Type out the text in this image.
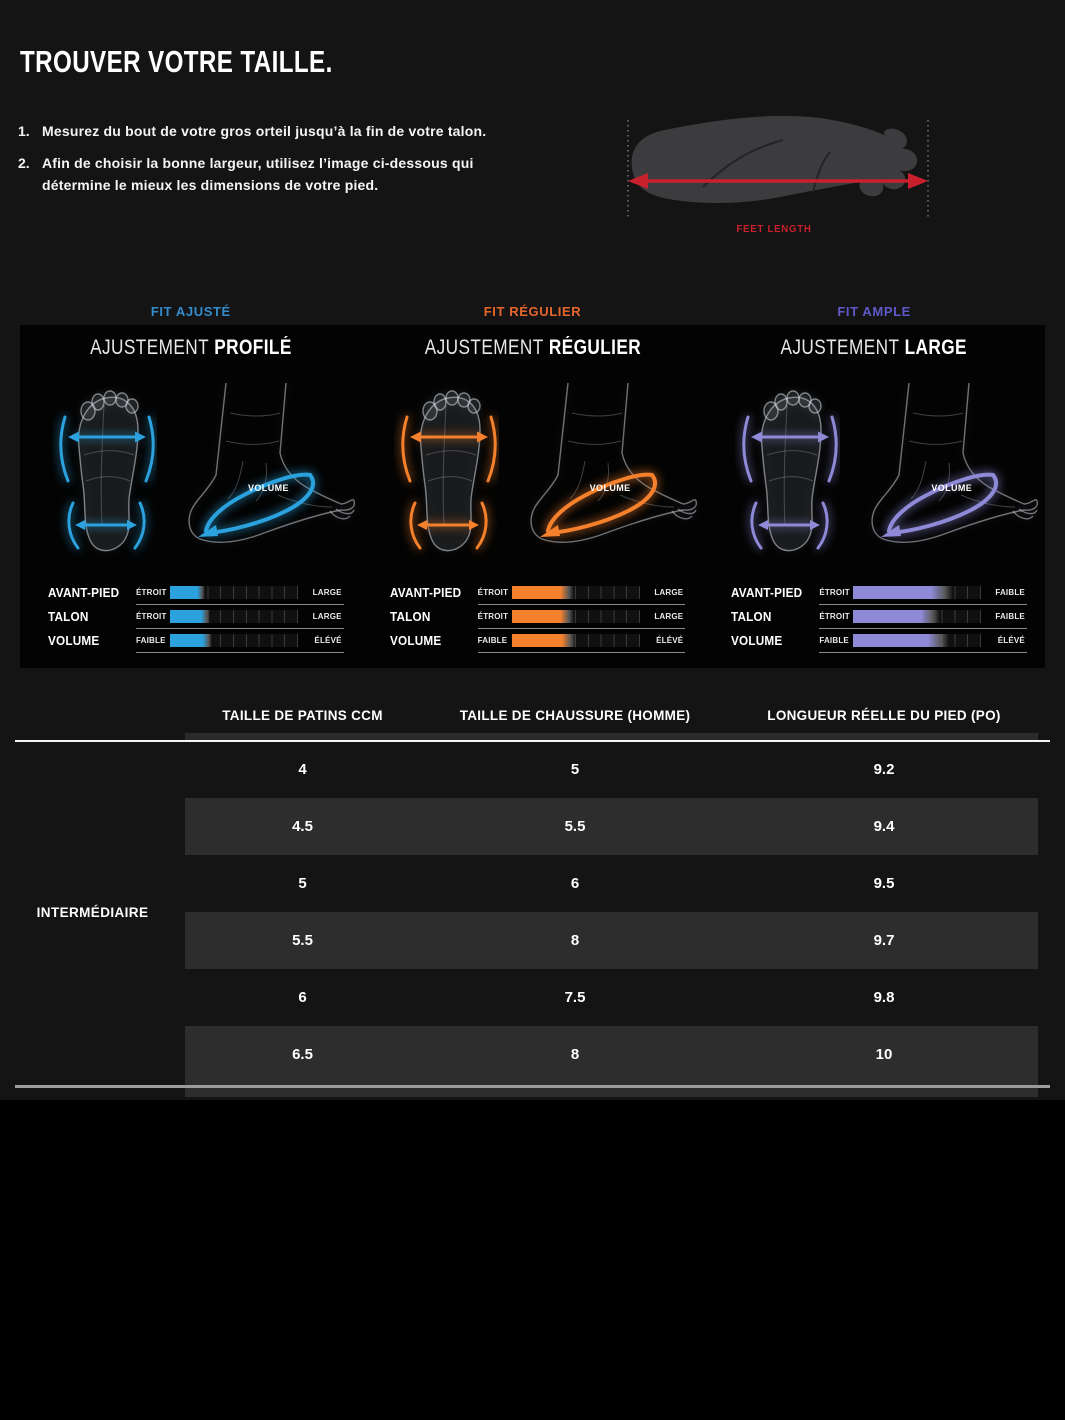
TROUVER VOTRE TAILLE.
1. Mesurez du bout de votre gros orteil jusqu’à la fin de votre talon.
2. Afin de choisir la bonne largeur, utilisez l’image ci-dessous qui détermine le mieux les dimensions de votre pied.
FEET LENGTH
FIT AJUSTÉ	FIT RÉGULIER	FIT AMPLE
AJUSTEMENT PROFILÉ
VOLUME
AVANT-PIED	ÉTROIT	LARGE
TALON	ÉTROIT	LARGE
VOLUME	FAIBLE	ÉLÉVÉ
AJUSTEMENT RÉGULIER
VOLUME
AVANT-PIED	ÉTROIT	LARGE
TALON	ÉTROIT	LARGE
VOLUME	FAIBLE	ÉLÉVÉ
AJUSTEMENT LARGE
VOLUME
AVANT-PIED	ÉTROIT	FAIBLE
TALON	ÉTROIT	FAIBLE
VOLUME	FAIBLE	ÉLÉVÉ
TAILLE DE PATINS CCM	TAILLE DE CHAUSSURE (HOMME)	LONGUEUR RÉELLE DU PIED (PO)
4	5	9.2
4.5	5.5	9.4
5	6	9.5
5.5	8	9.7
6	7.5	9.8
6.5	8	10
INTERMÉDIAIRE
